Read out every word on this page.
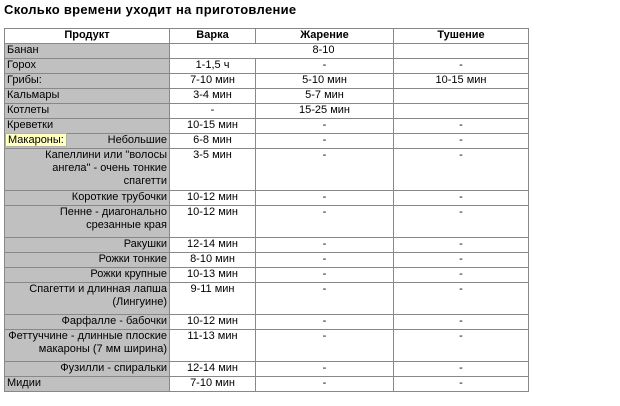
Сколько времени уходит на приготовление
Продукт	Варка	Жарение	Тушение
Банан	8-10		
Горох	1-1,5 ч	-	-
Грибы:	7-10 мин	5-10 мин	10-15 мин
Кальмары	3-4 мин	5-7 мин	
Котлеты	-	15-25 мин	
Креветки	10-15 мин	-	-
Макароны: Небольшие	6-8 мин	-	-
Капеллини или "волосы ангела" - очень тонкие спагетти	3-5 мин	-	-
Короткие трубочки	10-12 мин	-	-
Пенне - диагонально срезанные края	10-12 мин	-	-
Ракушки	12-14 мин	-	-
Рожки тонкие	8-10 мин	-	-
Рожки крупные	10-13 мин	-	-
Спагетти и длинная лапша (Лингуине)	9-11 мин	-	-
Фарфалле - бабочки	10-12 мин	-	-
Феттуччине - длинные плоские макароны (7 мм ширина)	11-13 мин	-	-
Фузилли - спиральки	12-14 мин	-	-
Мидии	7-10 мин	-	-
